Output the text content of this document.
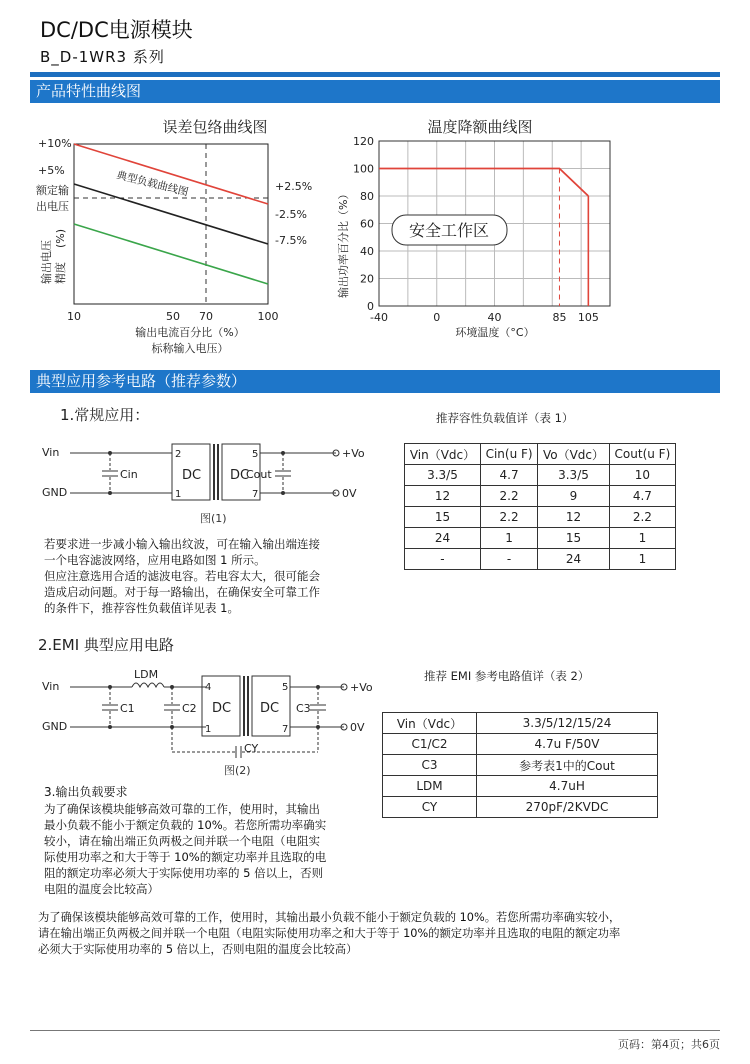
DC/DC电源模块
B_D-1WR3 系列
产品特性曲线图
误差包络曲线图
典型负载曲线图
+10%
+5%
额定输
出电压
输出电压 精度
(%)
+2.5%
-2.5%
-7.5%
10	50 70	100
输出电流百分比（%）
标称输入电压）
温度降额曲线图
120
100
80
60
40
20
0
-40	0	40	85 105
安全工作区
输出功率百分比（%）
环境温度（°C）
典型应用参考电路（推荐参数）
1.常规应用：
Vin
GND
Cin
2
1
DC
5
7
DC
Cout
+Vo
0V
图(1)
若要求进一步减小输入输出纹波，可在输入输出端连接
一个电容滤波网络，应用电路如图 1 所示。
但应注意选用合适的滤波电容。若电容太大，很可能会
造成启动问题。对于每一路输出，在确保安全可靠工作
的条件下，推荐容性负载值详见表 1。
推荐容性负载值详（表 1）
Vin（Vdc）	Cin(u F)	Vo（Vdc）	Cout(u F)
3.3/5	4.7	3.3/5	10
12	2.2	9	4.7
15	2.2	12	2.2
24	1	15	1
-	-	24	1
2.EMI 典型应用电路
Vin
GND
LDM
C1	C2
4
1
DC
5
7
DC C3
+Vo
0V
CY
图(2)
推荐 EMI 参考电路值详（表 2）
Vin（Vdc）	3.3/5/12/15/24
C1/C2	4.7u F/50V
C3	参考表1中的Cout
LDM	4.7uH
CY	270pF/2KVDC
3.输出负载要求
为了确保该模块能够高效可靠的工作，使用时，其输出
最小负载不能小于额定负载的 10%。若您所需功率确实
较小，请在输出端正负两极之间并联一个电阻（电阻实
际使用功率之和大于等于 10%的额定功率并且选取的电
阻的额定功率必须大于实际使用功率的 5 倍以上，否则
电阻的温度会比较高）
为了确保该模块能够高效可靠的工作，使用时，其输出最小负载不能小于额定负载的 10%。若您所需功率确实较小，
请在输出端正负两极之间并联一个电阻（电阻实际使用功率之和大于等于 10%的额定功率并且选取的电阻的额定功率
必须大于实际使用功率的 5 倍以上，否则电阻的温度会比较高）
页码：第4页；共6页
